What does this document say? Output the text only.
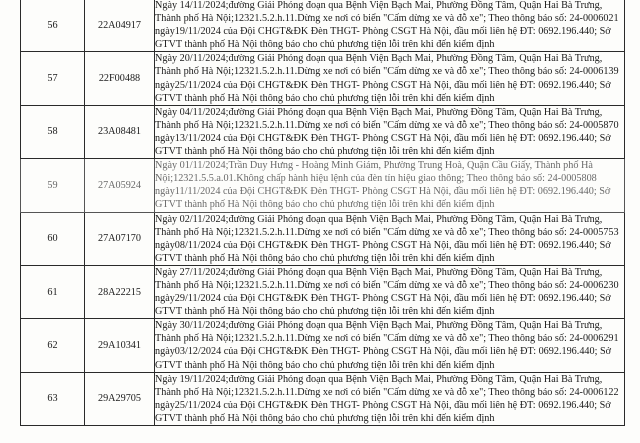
56	22A04917	Ngày 14/11/2024;đường Giải Phóng đoạn qua Bệnh Viện Bạch Mai, Phường Đồng Tâm, Quận Hai Bà Trưng, Thành phố Hà Nội;12321.5.2.h.11.Dừng xe nơi có biển "Cấm dừng xe và đỗ xe"; Theo thông báo số: 24-0006021 ngày19/11/2024 của Đội CHGT&ĐK Đèn THGT- Phòng CSGT Hà Nội, đầu mối liên hệ ĐT: 0692.196.440; Sở GTVT thành phố Hà Nội thông báo cho chủ phương tiện lỗi trên khi đến kiểm định
57	22F00488	Ngày 20/11/2024;đường Giải Phóng đoạn qua Bệnh Viện Bạch Mai, Phường Đồng Tâm, Quận Hai Bà Trưng, Thành phố Hà Nội;12321.5.2.h.11.Dừng xe nơi có biển "Cấm dừng xe và đỗ xe"; Theo thông báo số: 24-0006139 ngày25/11/2024 của Đội CHGT&ĐK Đèn THGT- Phòng CSGT Hà Nội, đầu mối liên hệ ĐT: 0692.196.440; Sở GTVT thành phố Hà Nội thông báo cho chủ phương tiện lỗi trên khi đến kiểm định
58	23A08481	Ngày 04/11/2024;đường Giải Phóng đoạn qua Bệnh Viện Bạch Mai, Phường Đồng Tâm, Quận Hai Bà Trưng, Thành phố Hà Nội;12321.5.2.h.11.Dừng xe nơi có biển "Cấm dừng xe và đỗ xe"; Theo thông báo số: 24-0005870 ngày13/11/2024 của Đội CHGT&ĐK Đèn THGT- Phòng CSGT Hà Nội, đầu mối liên hệ ĐT: 0692.196.440; Sở GTVT thành phố Hà Nội thông báo cho chủ phương tiện lỗi trên khi đến kiểm định
59	27A05924	Ngày 01/11/2024;Trần Duy Hưng - Hoàng Minh Giám, Phường Trung Hoà, Quận Cầu Giấy, Thành phố Hà Nội;12321.5.5.a.01.Không chấp hành hiệu lệnh của đèn tín hiệu giao thông; Theo thông báo số: 24-0005808 ngày11/11/2024 của Đội CHGT&ĐK Đèn THGT- Phòng CSGT Hà Nội, đầu mối liên hệ ĐT: 0692.196.440; Sở GTVT thành phố Hà Nội thông báo cho chủ phương tiện lỗi trên khi đến kiểm định
60	27A07170	Ngày 02/11/2024;đường Giải Phóng đoạn qua Bệnh Viện Bạch Mai, Phường Đồng Tâm, Quận Hai Bà Trưng, Thành phố Hà Nội;12321.5.2.h.11.Dừng xe nơi có biển "Cấm dừng xe và đỗ xe"; Theo thông báo số: 24-0005753 ngày08/11/2024 của Đội CHGT&ĐK Đèn THGT- Phòng CSGT Hà Nội, đầu mối liên hệ ĐT: 0692.196.440; Sở GTVT thành phố Hà Nội thông báo cho chủ phương tiện lỗi trên khi đến kiểm định
61	28A22215	Ngày 27/11/2024;đường Giải Phóng đoạn qua Bệnh Viện Bạch Mai, Phường Đồng Tâm, Quận Hai Bà Trưng, Thành phố Hà Nội;12321.5.2.h.11.Dừng xe nơi có biển "Cấm dừng xe và đỗ xe"; Theo thông báo số: 24-0006230 ngày29/11/2024 của Đội CHGT&ĐK Đèn THGT- Phòng CSGT Hà Nội, đầu mối liên hệ ĐT: 0692.196.440; Sở GTVT thành phố Hà Nội thông báo cho chủ phương tiện lỗi trên khi đến kiểm định
62	29A10341	Ngày 30/11/2024;đường Giải Phóng đoạn qua Bệnh Viện Bạch Mai, Phường Đồng Tâm, Quận Hai Bà Trưng, Thành phố Hà Nội;12321.5.2.h.11.Dừng xe nơi có biển "Cấm dừng xe và đỗ xe"; Theo thông báo số: 24-0006291 ngày03/12/2024 của Đội CHGT&ĐK Đèn THGT- Phòng CSGT Hà Nội, đầu mối liên hệ ĐT: 0692.196.440; Sở GTVT thành phố Hà Nội thông báo cho chủ phương tiện lỗi trên khi đến kiểm định
63	29A29705	Ngày 19/11/2024;đường Giải Phóng đoạn qua Bệnh Viện Bạch Mai, Phường Đồng Tâm, Quận Hai Bà Trưng, Thành phố Hà Nội;12321.5.2.h.11.Dừng xe nơi có biển "Cấm dừng xe và đỗ xe"; Theo thông báo số: 24-0006122 ngày25/11/2024 của Đội CHGT&ĐK Đèn THGT- Phòng CSGT Hà Nội, đầu mối liên hệ ĐT: 0692.196.440; Sở GTVT thành phố Hà Nội thông báo cho chủ phương tiện lỗi trên khi đến kiểm định
